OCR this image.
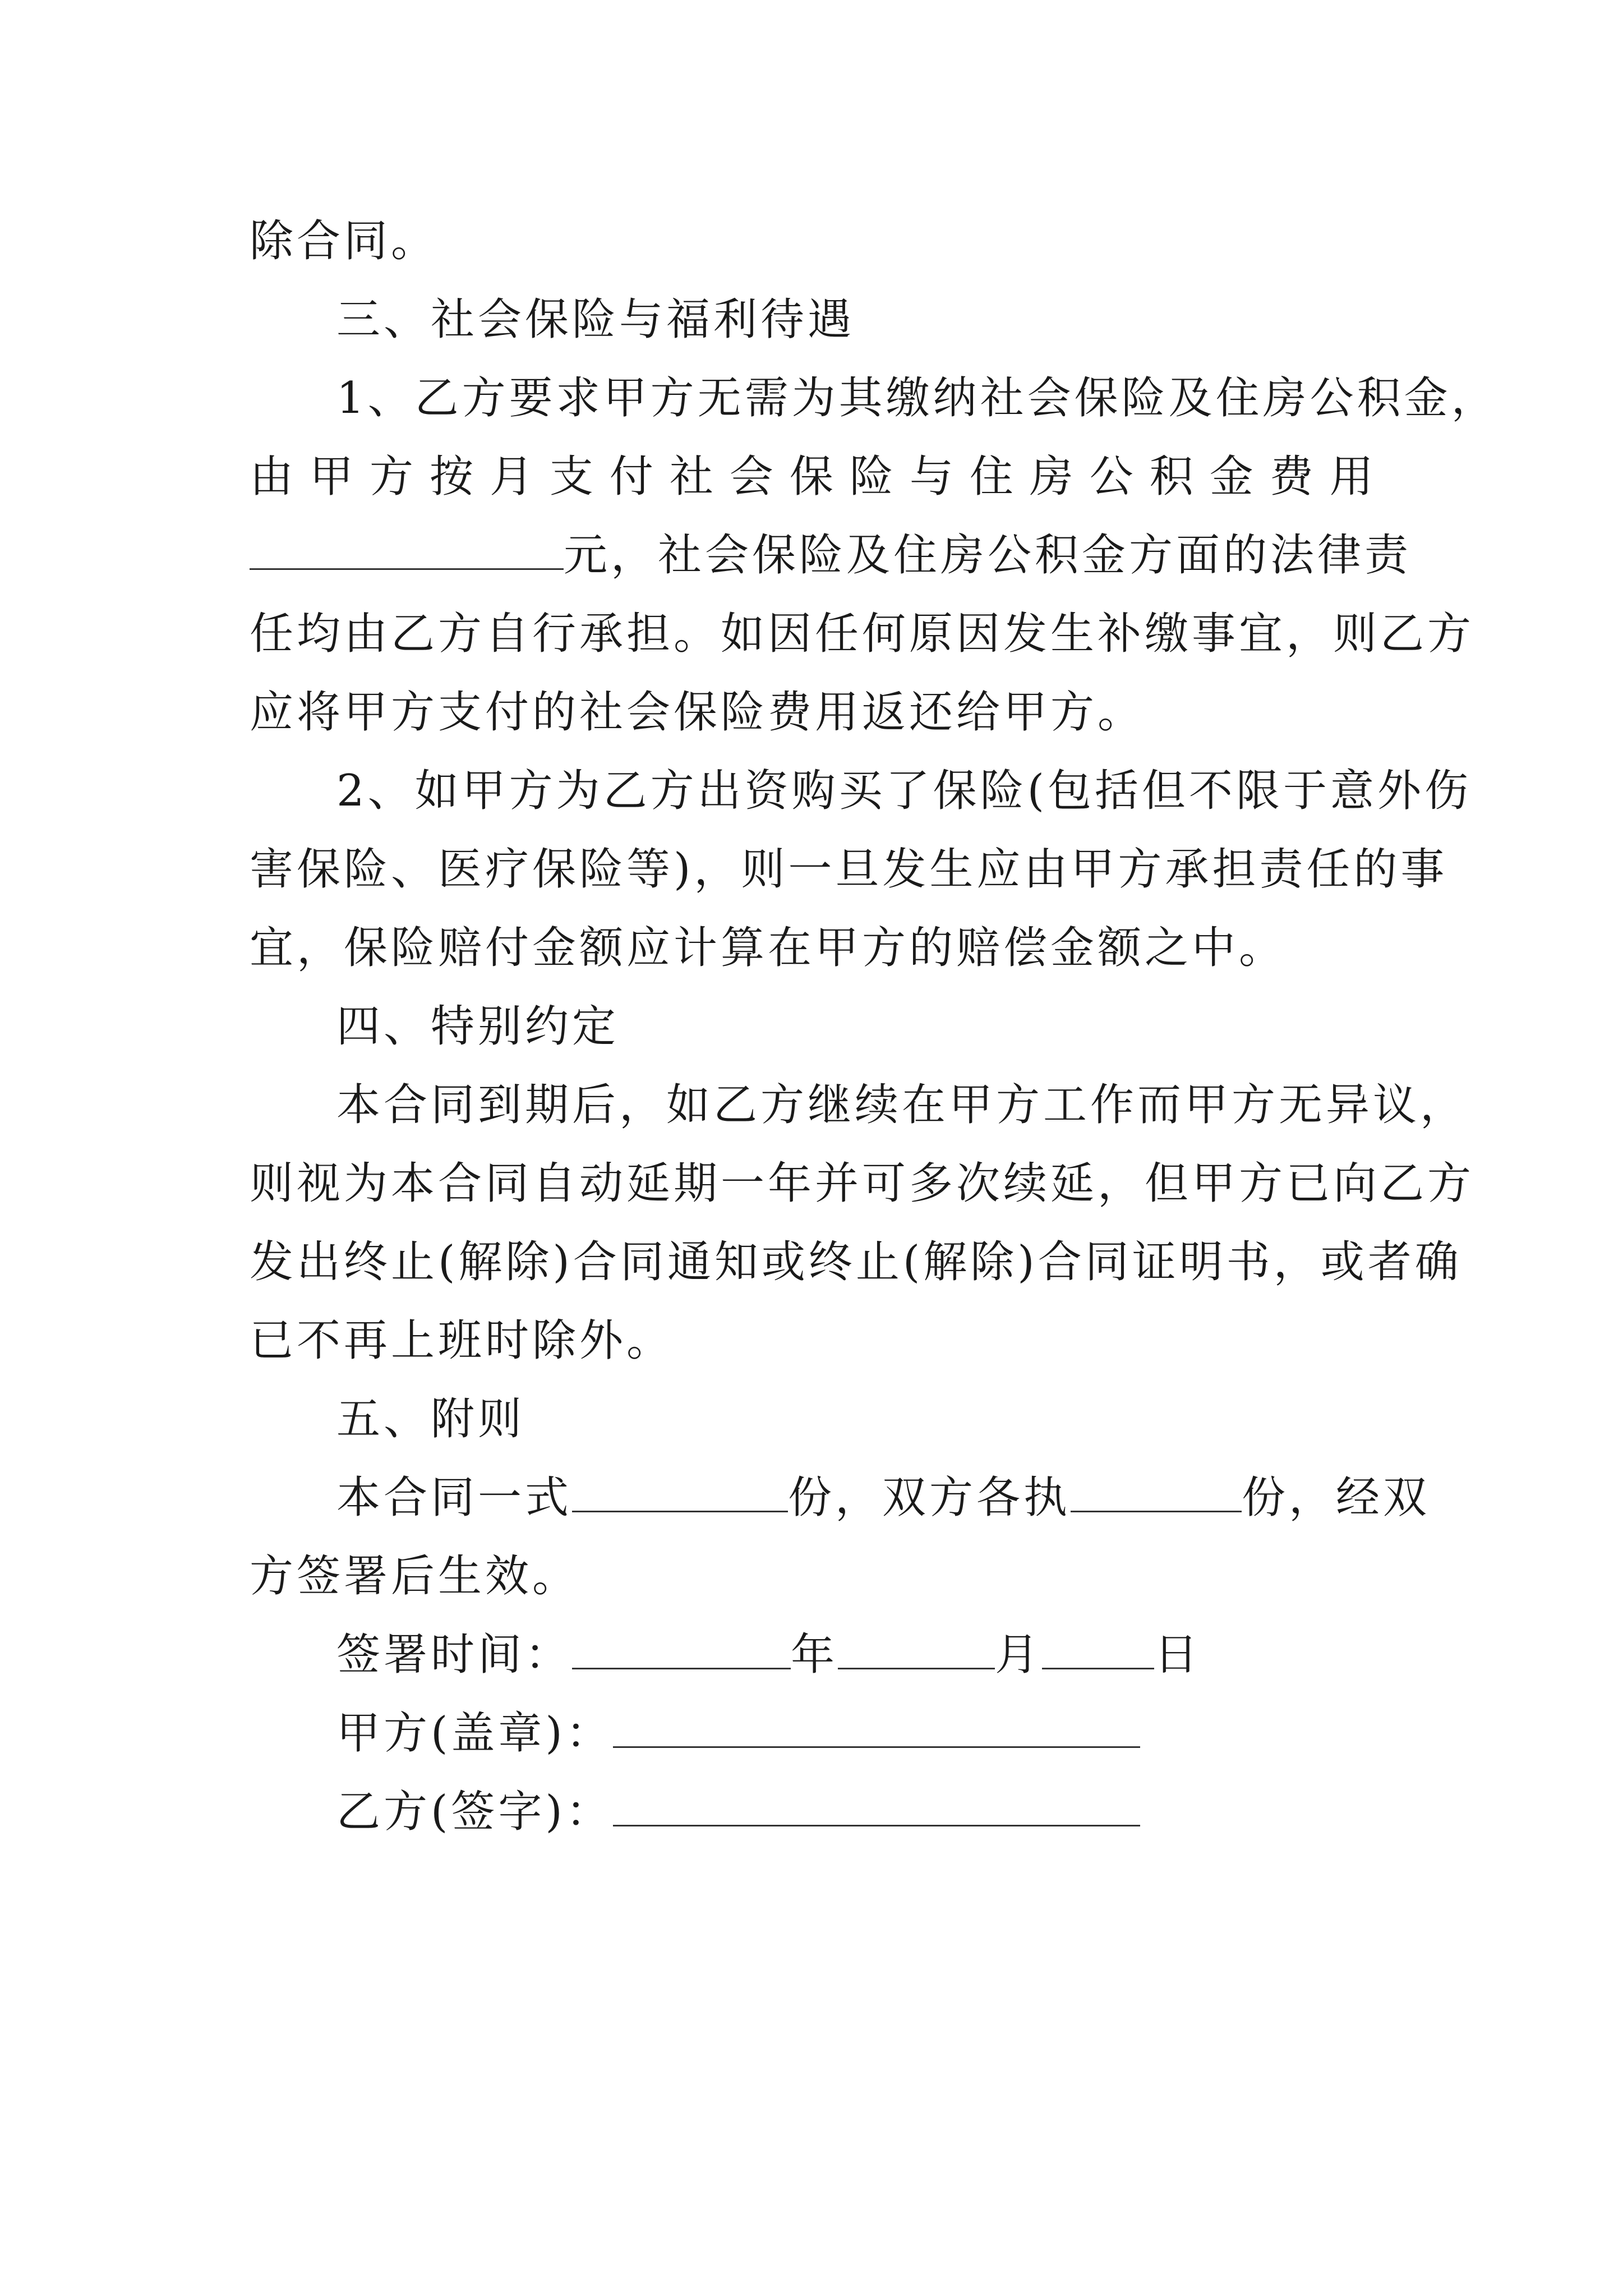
除合同。
三、社会保险与福利待遇
1、乙方要求甲方无需为其缴纳社会保险及住房公积金，
由 甲 方 按 月 支 付 社 会 保 险 与 住 房 公 积 金 费 用
元，社会保险及住房公积金方面的法律责
任均由乙方自行承担。如因任何原因发生补缴事宜，则乙方
应将甲方支付的社会保险费用返还给甲方。
2、如甲方为乙方出资购买了保险(包括但不限于意外伤
害保险、医疗保险等)，则一旦发生应由甲方承担责任的事
宜，保险赔付金额应计算在甲方的赔偿金额之中。
四、特别约定
本合同到期后，如乙方继续在甲方工作而甲方无异议，
则视为本合同自动延期一年并可多次续延，但甲方已向乙方
发出终止(解除)合同通知或终止(解除)合同证明书，或者确
已不再上班时除外。
五、附则
本合同一式	份，双方各执	份，经双
方签署后生效。
签署时间：	年	月	日
甲方(盖章)：
乙方(签字)：
